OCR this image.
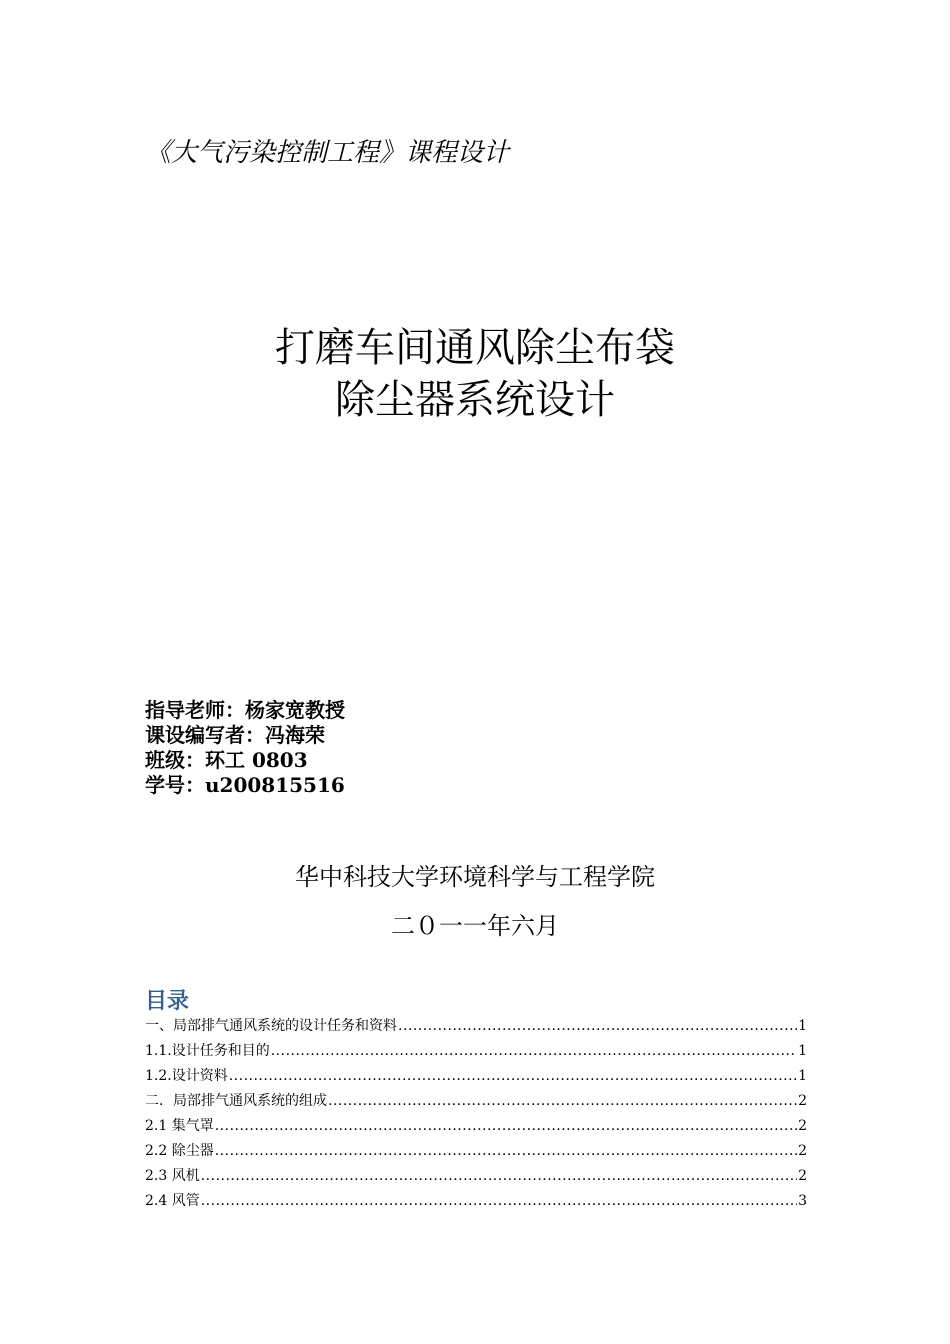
《大气污染控制工程》课程设计
打磨车间通风除尘布袋
除尘器系统设计
指导老师：杨家宽教授
课设编写者：冯海荣
班级：环工 0803
学号：u200815516
华中科技大学环境科学与工程学院
二０一一年六月
目录
一、局部排气通风系统的设计任务和资料 .....	1
1.1.设计任务和目的 .....	1
1.2.设计资料 .....	1
二．局部排气通风系统的组成 .....	2
2.1 集气罩 .....	2
2.2 除尘器 .....	2
2.3 风机 .....	2
2.4 风管 .....	3
